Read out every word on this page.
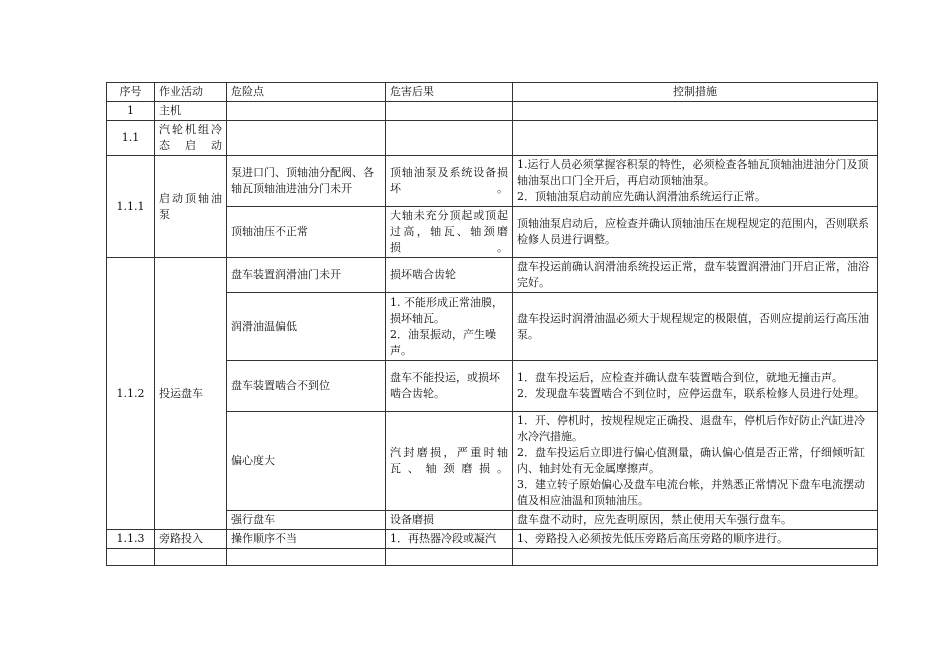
序号	作业活动	危险点	危害后果	控制措施
1	主机			
1.1	汽轮机组冷态启动			
1.1.1	启动顶轴油泵	泵进口门、顶轴油分配阀、各轴瓦顶轴油进油分门未开	顶轴油泵及系统设备损坏。	1.运行人员必须掌握容积泵的特性，必须检查各轴瓦顶轴油进油分门及顶轴油泵出口门全开后，再启动顶轴油泵。
2．顶轴油泵启动前应先确认润滑油系统运行正常。

		顶轴油压不正常	大轴未充分顶起或顶起过高，轴瓦、轴颈磨损。	顶轴油泵启动后，应检查并确认顶轴油压在规程规定的范围内，否则联系检修人员进行调整。

1.1.2	投运盘车	盘车装置润滑油门未开	损坏啮合齿轮	盘车投运前确认润滑油系统投运正常，盘车装置润滑油门开启正常，油浴完好。

		润滑油温偏低	1. 不能形成正常油膜，损坏轴瓦。
2．油泵振动，产生噪声。	盘车投运时润滑油温必须大于规程规定的极限值，否则应提前运行高压油泵。

		盘车装置啮合不到位	盘车不能投运，或损坏啮合齿轮。	1．盘车投运后，应检查并确认盘车装置啮合到位，就地无撞击声。
2．发现盘车装置啮合不到位时，应停运盘车，联系检修人员进行处理。

		偏心度大	汽封磨损，严重时轴瓦、轴颈磨损。	1．开、停机时，按规程规定正确投、退盘车，停机后作好防止汽缸进冷水冷汽措施。
2．盘车投运后立即进行偏心值测量，确认偏心值是否正常，仔细倾听缸内、轴封处有无金属摩擦声。
3．建立转子原始偏心及盘车电流台帐，并熟悉正常情况下盘车电流摆动值及相应油温和顶轴油压。

		强行盘车	设备磨损	盘车盘不动时，应先查明原因，禁止使用天车强行盘车。

1.1.3	旁路投入	操作顺序不当	1．再热器冷段或凝汽	1、旁路投入必须按先低压旁路后高压旁路的顺序进行。
